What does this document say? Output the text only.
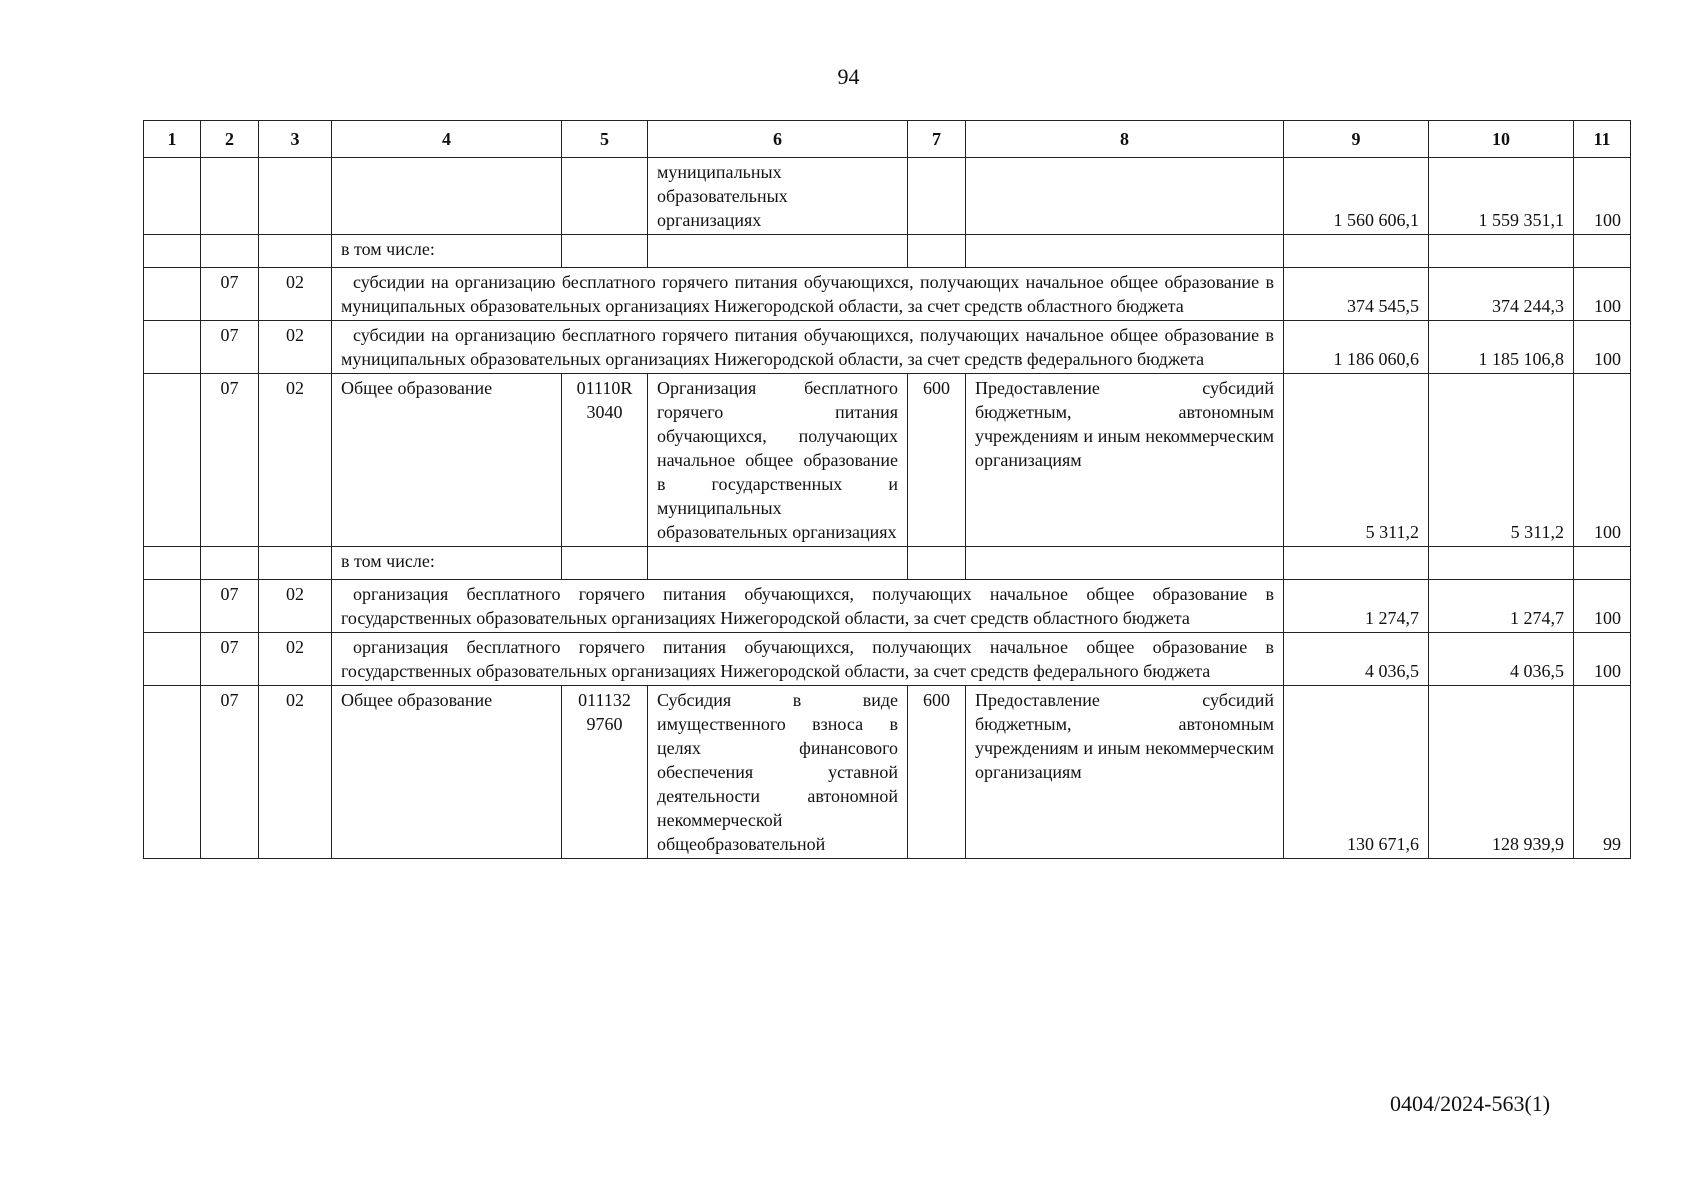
94
1	2	3	4	5	6	7	8	9	10	11
					муниципальных образовательных организациях			1 560 606,1	1 559 351,1	100
			в том числе:							
	07	02	субсидии на организацию бесплатного горячего питания обучающихся, получающих начальное общее образование в муниципальных образовательных организациях Нижегородской области, за счет средств областного бюджета					374 545,5	374 244,3	100
	07	02	субсидии на организацию бесплатного горячего питания обучающихся, получающих начальное общее образование в муниципальных образовательных организациях Нижегородской области, за счет средств федерального бюджета					1 186 060,6	1 185 106,8	100
	07	02	Общее образование	01110R 3040	Организация бесплатного горячего питания обучающихся, получающих начальное общее образование в государственных и муниципальных образовательных организациях	600	Предоставление субсидий бюджетным, автономным учреждениям и иным некоммерческим организациям	5 311,2	5 311,2	100
			в том числе:							
	07	02	организация бесплатного горячего питания обучающихся, получающих начальное общее образование в государственных образовательных организациях Нижегородской области, за счет средств областного бюджета					1 274,7	1 274,7	100
	07	02	организация бесплатного горячего питания обучающихся, получающих начальное общее образование в государственных образовательных организациях Нижегородской области, за счет средств федерального бюджета					4 036,5	4 036,5	100
	07	02	Общее образование	011132 9760	Субсидия в виде имущественного взноса в целях финансового обеспечения уставной деятельности автономной некоммерческой общеобразовательной	600	Предоставление субсидий бюджетным, автономным учреждениям и иным некоммерческим организациям	130 671,6	128 939,9	99
0404/2024-563(1)
